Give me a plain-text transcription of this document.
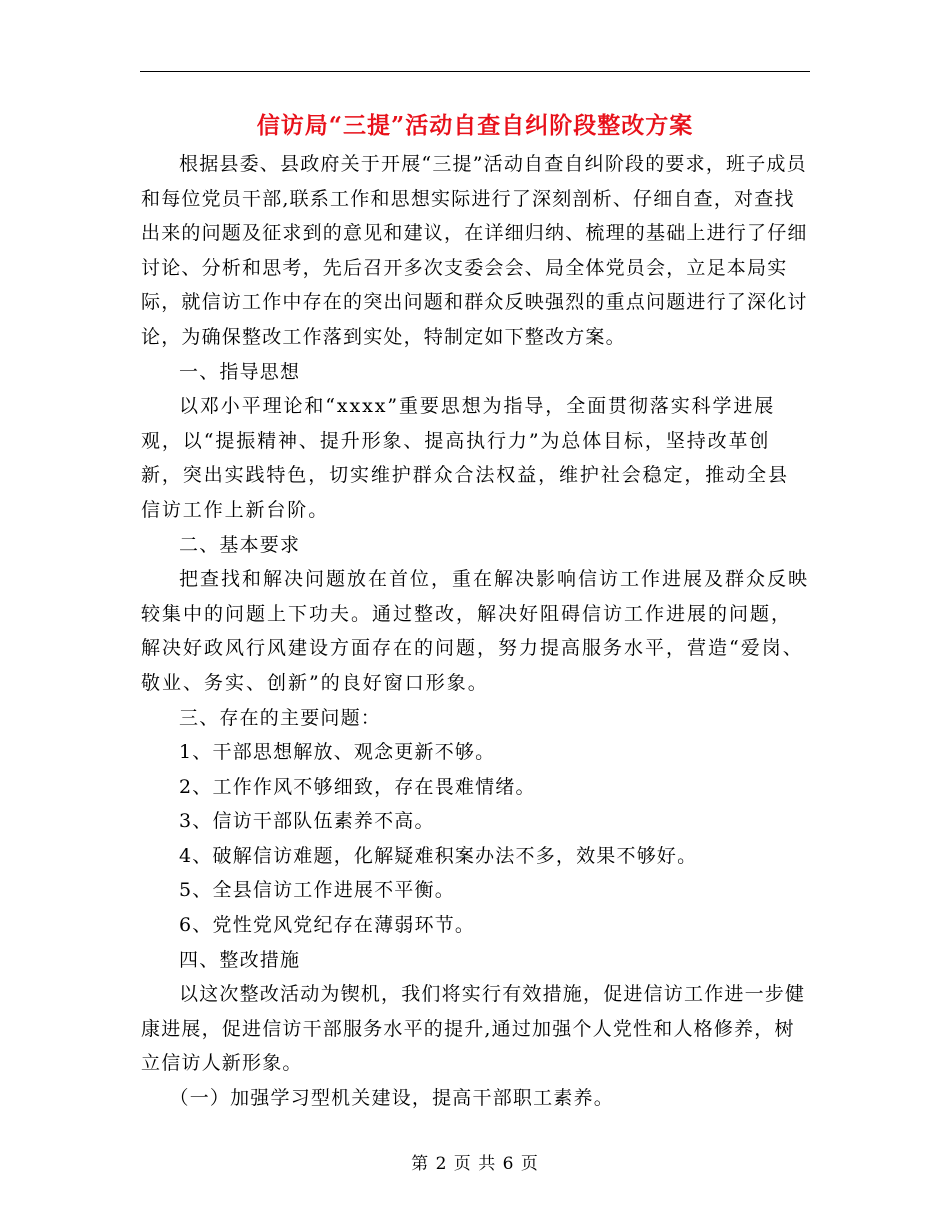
信访局“三提”活动自查自纠阶段整改方案

根据县委、县政府关于开展“三提”活动自查自纠阶段的要求，班子成员和每位党员干部,联系工作和思想实际进行了深刻剖析、仔细自查，对查找出来的问题及征求到的意见和建议，在详细归纳、梳理的基础上进行了仔细讨论、分析和思考，先后召开多次支委会会、局全体党员会，立足本局实际，就信访工作中存在的突出问题和群众反映强烈的重点问题进行了深化讨论，为确保整改工作落到实处，特制定如下整改方案。

一、指导思想

以邓小平理论和“xxxx”重要思想为指导，全面贯彻落实科学进展观，以“提振精神、提升形象、提高执行力”为总体目标，坚持改革创新，突出实践特色，切实维护群众合法权益，维护社会稳定，推动全县信访工作上新台阶。

二、基本要求

把查找和解决问题放在首位，重在解决影响信访工作进展及群众反映较集中的问题上下功夫。通过整改，解决好阻碍信访工作进展的问题，解决好政风行风建设方面存在的问题，努力提高服务水平，营造“爱岗、敬业、务实、创新”的良好窗口形象。

三、存在的主要问题：

1、干部思想解放、观念更新不够。

2、工作作风不够细致，存在畏难情绪。

3、信访干部队伍素养不高。

4、破解信访难题，化解疑难积案办法不多，效果不够好。

5、全县信访工作进展不平衡。

6、党性党风党纪存在薄弱环节。

四、整改措施

以这次整改活动为锲机，我们将实行有效措施，促进信访工作进一步健康进展，促进信访干部服务水平的提升,通过加强个人党性和人格修养，树立信访人新形象。

（一）加强学习型机关建设，提高干部职工素养。

第 2 页 共 6 页
